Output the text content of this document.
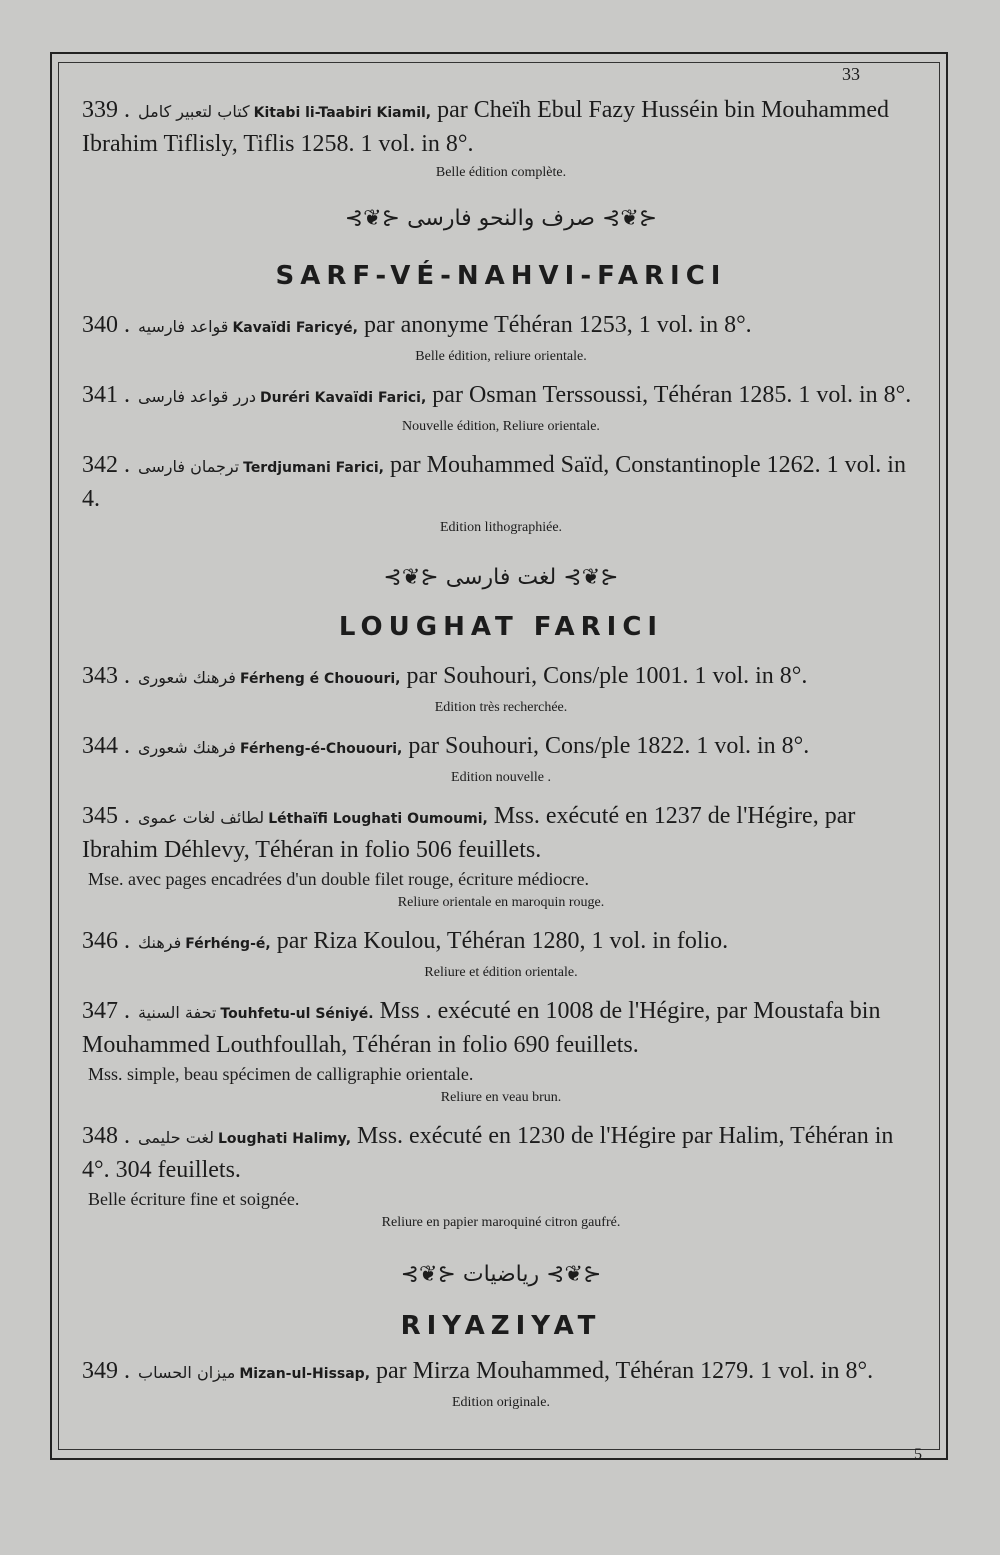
33
5

339 . كتاب لتعبير كامل Kitabi li-Taabiri Kiamil, par Cheïh Ebul Fazy Husséin bin Mouhammed Ibrahim Tiflisly, Tiflis 1258. 1 vol. in 8°.

Belle édition complète.

⊰❦⊱ صرف والنحو فارسی ⊰❦⊱
SARF-VÉ-NAHVI-FARICI

340 . قواعد فارسیه Kavaïdi Faricyé, par anonyme Téhéran 1253, 1 vol. in 8°.

Belle édition, reliure orientale.

341 . درر قواعد فارسی Duréri Kavaïdi Farici, par Osman Terssoussi, Téhéran 1285. 1 vol. in 8°.

Nouvelle édition, Reliure orientale.

342 . ترجمان فارسی Terdjumani Farici, par Mouhammed Saïd, Constantinople 1262. 1 vol. in 4.

Edition lithographiée.

⊰❦⊱ لغت فارسی ⊰❦⊱
LOUGHAT FARICI

343 . فرهنك شعوری Férheng é Chououri, par Souhouri, Cons/ple 1001. 1 vol. in 8°.

Edition très recherchée.

344 . فرهنك شعوری Férheng-é-Chououri, par Souhouri, Cons/ple 1822. 1 vol. in 8°.

Edition nouvelle .

345 . لطائف لغات عموی Léthaïfi Loughati Oumoumi, Mss. exécuté en 1237 de l'Hégire, par Ibrahim Déhlevy, Téhéran in folio 506 feuillets.

Mse. avec pages encadrées d'un double filet rouge, écriture médiocre.

Reliure orientale en maroquin rouge.

346 . فرهنك Férhéng-é, par Riza Koulou, Téhéran 1280, 1 vol. in folio.

Reliure et édition orientale.

347 . تحفة السنية Touhfetu-ul Séniyé. Mss . exécuté en 1008 de l'Hégire, par Moustafa bin Mouhammed Louthfoullah, Téhéran in folio 690 feuillets.

Mss. simple, beau spécimen de calligraphie orientale.

Reliure en veau brun.

348 . لغت حلیمی Loughati Halimy, Mss. exécuté en 1230 de l'Hégire par Halim, Téhéran in 4°. 304 feuillets.

Belle écriture fine et soignée.

Reliure en papier maroquiné citron gaufré.

⊰❦⊱ ریاضیات ⊰❦⊱
RIYAZIYAT

349 . میزان الحساب Mizan-ul-Hissap, par Mirza Mouhammed, Téhéran 1279. 1 vol. in 8°.

Edition originale.
